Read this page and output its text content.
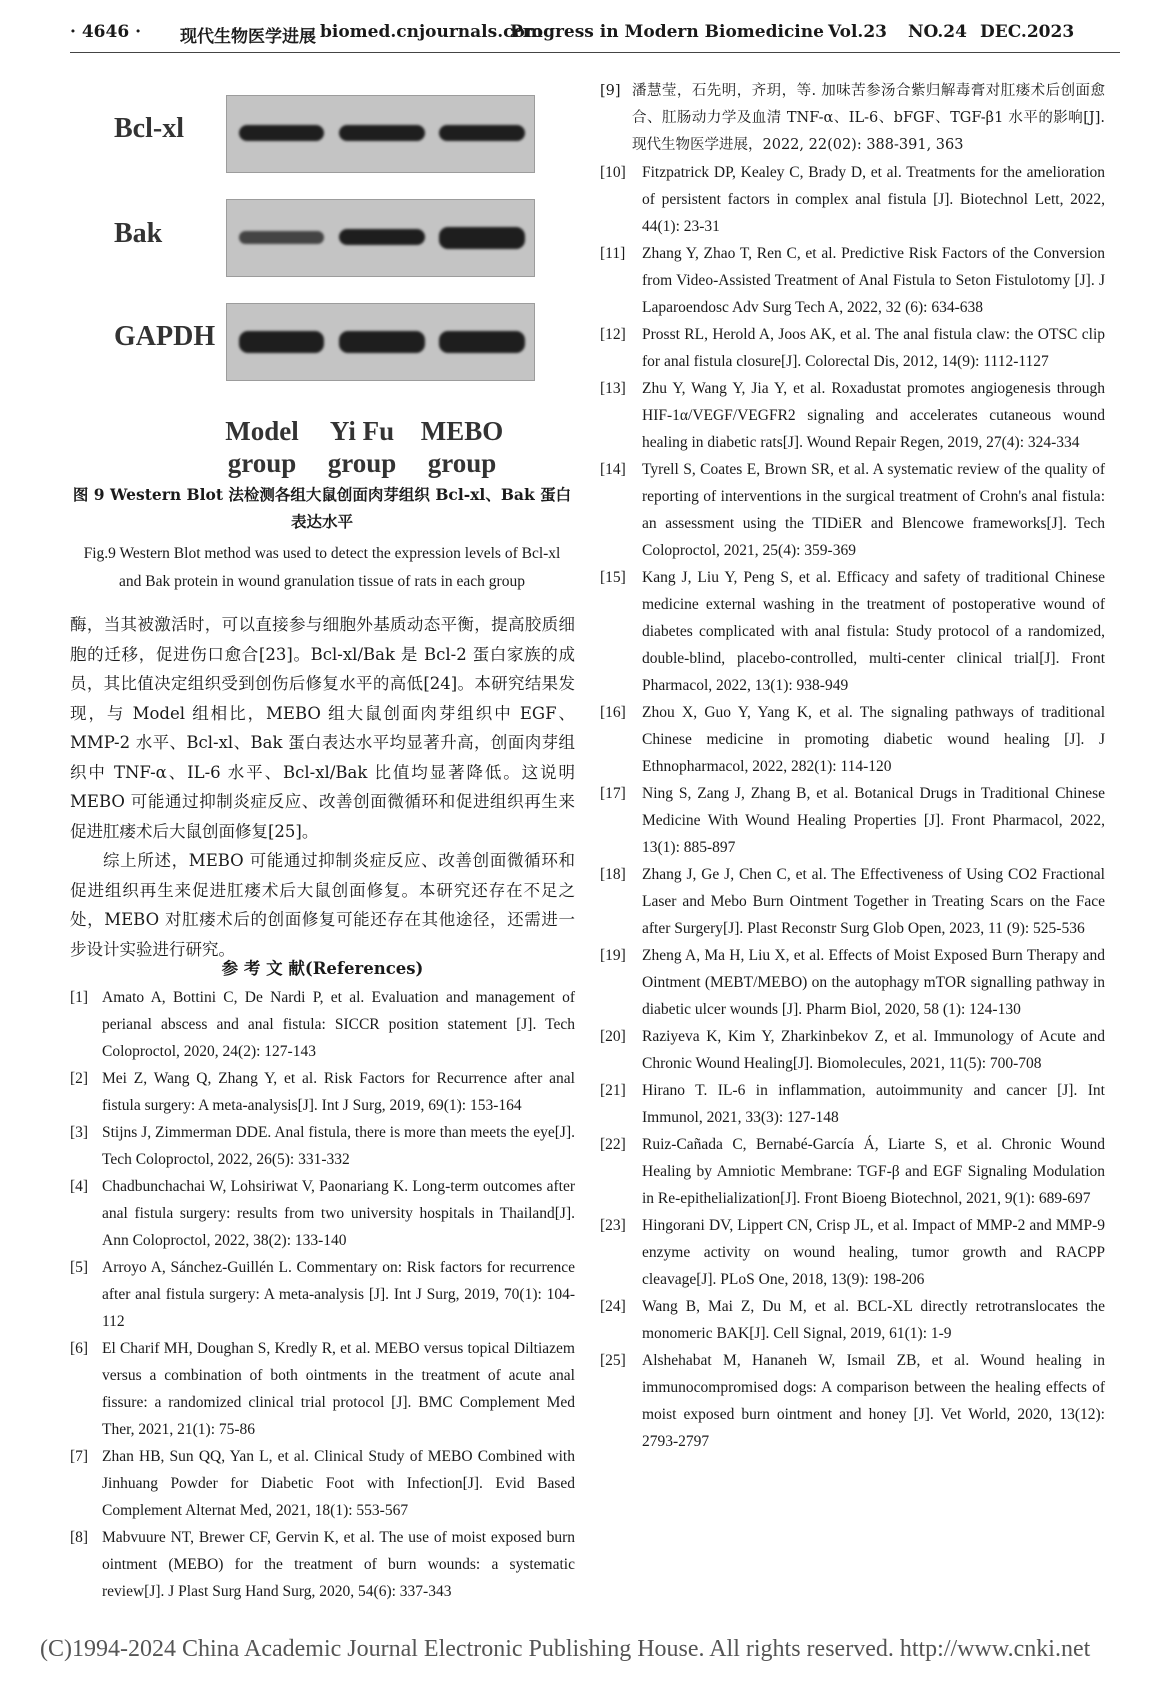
· 4646 · 现代生物医学进展 biomed.cnjournals.com
Progress in Modern Biomedicine Vol.23 NO.24 DEC.2023
Bcl-xl
Bak
GAPDH
Model
group
Yi Fu
group
MEBO
group
图 9 Western Blot 法检测各组大鼠创面肉芽组织 Bcl-xl、Bak 蛋白表达水平
Fig.9 Western Blot method was used to detect the expression levels of Bcl-xl and Bak protein in wound granulation tissue of rats in each group

酶，当其被激活时，可以直接参与细胞外基质动态平衡，提高胶质细胞的迁移，促进伤口愈合[23]。Bcl-xl/Bak 是 Bcl-2 蛋白家族的成员，其比值决定组织受到创伤后修复水平的高低[24]。本研究结果发现，与 Model 组相比，MEBO 组大鼠创面肉芽组织中 EGF、MMP-2 水平、Bcl-xl、Bak 蛋白表达水平均显著升高，创面肉芽组织中 TNF-α、IL-6 水平、Bcl-xl/Bak 比值均显著降低。这说明 MEBO 可能通过抑制炎症反应、改善创面微循环和促进组织再生来促进肛瘘术后大鼠创面修复[25]。

综上所述，MEBO 可能通过抑制炎症反应、改善创面微循环和促进组织再生来促进肛瘘术后大鼠创面修复。本研究还存在不足之处，MEBO 对肛瘘术后的创面修复可能还存在其他途径，还需进一步设计实验进行研究。

参 考 文 献(References)

[1] Amato A, Bottini C, De Nardi P, et al. Evaluation and management of perianal abscess and anal fistula: SICCR position statement [J]. Tech Coloproctol, 2020, 24(2): 127-143

[2] Mei Z, Wang Q, Zhang Y, et al. Risk Factors for Recurrence after anal fistula surgery: A meta-analysis[J]. Int J Surg, 2019, 69(1): 153-164

[3] Stijns J, Zimmerman DDE. Anal fistula, there is more than meets the eye[J]. Tech Coloproctol, 2022, 26(5): 331-332

[4] Chadbunchachai W, Lohsiriwat V, Paonariang K. Long-term outcomes after anal fistula surgery: results from two university hospitals in Thailand[J]. Ann Coloproctol, 2022, 38(2): 133-140

[5] Arroyo A, Sánchez-Guillén L. Commentary on: Risk factors for recurrence after anal fistula surgery: A meta-analysis [J]. Int J Surg, 2019, 70(1): 104-112

[6] El Charif MH, Doughan S, Kredly R, et al. MEBO versus topical Diltiazem versus a combination of both ointments in the treatment of acute anal fissure: a randomized clinical trial protocol [J]. BMC Complement Med Ther, 2021, 21(1): 75-86

[7] Zhan HB, Sun QQ, Yan L, et al. Clinical Study of MEBO Combined with Jinhuang Powder for Diabetic Foot with Infection[J]. Evid Based Complement Alternat Med, 2021, 18(1): 553-567

[8] Mabvuure NT, Brewer CF, Gervin K, et al. The use of moist exposed burn ointment (MEBO) for the treatment of burn wounds: a systematic review[J]. J Plast Surg Hand Surg, 2020, 54(6): 337-343

[9] 潘慧莹，石先明，齐玥，等. 加味苦参汤合紫归解毒膏对肛瘘术后创面愈合、肛肠动力学及血清 TNF-α、IL-6、bFGF、TGF-β1 水平的影响[J]. 现代生物医学进展，2022, 22(02): 388-391, 363

[10] Fitzpatrick DP, Kealey C, Brady D, et al. Treatments for the amelioration of persistent factors in complex anal fistula [J]. Biotechnol Lett, 2022, 44(1): 23-31

[11] Zhang Y, Zhao T, Ren C, et al. Predictive Risk Factors of the Conversion from Video-Assisted Treatment of Anal Fistula to Seton Fistulotomy [J]. J Laparoendosc Adv Surg Tech A, 2022, 32 (6): 634-638

[12] Prosst RL, Herold A, Joos AK, et al. The anal fistula claw: the OTSC clip for anal fistula closure[J]. Colorectal Dis, 2012, 14(9): 1112-1127

[13] Zhu Y, Wang Y, Jia Y, et al. Roxadustat promotes angiogenesis through HIF-1α/VEGF/VEGFR2 signaling and accelerates cutaneous wound healing in diabetic rats[J]. Wound Repair Regen, 2019, 27(4): 324-334

[14] Tyrell S, Coates E, Brown SR, et al. A systematic review of the quality of reporting of interventions in the surgical treatment of Crohn's anal fistula: an assessment using the TIDiER and Blencowe frameworks[J]. Tech Coloproctol, 2021, 25(4): 359-369

[15] Kang J, Liu Y, Peng S, et al. Efficacy and safety of traditional Chinese medicine external washing in the treatment of postoperative wound of diabetes complicated with anal fistula: Study protocol of a randomized, double-blind, placebo-controlled, multi-center clinical trial[J]. Front Pharmacol, 2022, 13(1): 938-949

[16] Zhou X, Guo Y, Yang K, et al. The signaling pathways of traditional Chinese medicine in promoting diabetic wound healing [J]. J Ethnopharmacol, 2022, 282(1): 114-120

[17] Ning S, Zang J, Zhang B, et al. Botanical Drugs in Traditional Chinese Medicine With Wound Healing Properties [J]. Front Pharmacol, 2022, 13(1): 885-897

[18] Zhang J, Ge J, Chen C, et al. The Effectiveness of Using CO2 Fractional Laser and Mebo Burn Ointment Together in Treating Scars on the Face after Surgery[J]. Plast Reconstr Surg Glob Open, 2023, 11 (9): 525-536

[19] Zheng A, Ma H, Liu X, et al. Effects of Moist Exposed Burn Therapy and Ointment (MEBT/MEBO) on the autophagy mTOR signalling pathway in diabetic ulcer wounds [J]. Pharm Biol, 2020, 58 (1): 124-130

[20] Raziyeva K, Kim Y, Zharkinbekov Z, et al. Immunology of Acute and Chronic Wound Healing[J]. Biomolecules, 2021, 11(5): 700-708

[21] Hirano T. IL-6 in inflammation, autoimmunity and cancer [J]. Int Immunol, 2021, 33(3): 127-148

[22] Ruiz-Cañada C, Bernabé-García Á, Liarte S, et al. Chronic Wound Healing by Amniotic Membrane: TGF-β and EGF Signaling Modulation in Re-epithelialization[J]. Front Bioeng Biotechnol, 2021, 9(1): 689-697

[23] Hingorani DV, Lippert CN, Crisp JL, et al. Impact of MMP-2 and MMP-9 enzyme activity on wound healing, tumor growth and RACPP cleavage[J]. PLoS One, 2018, 13(9): 198-206

[24] Wang B, Mai Z, Du M, et al. BCL-XL directly retrotranslocates the monomeric BAK[J]. Cell Signal, 2019, 61(1): 1-9

[25] Alshehabat M, Hananeh W, Ismail ZB, et al. Wound healing in immunocompromised dogs: A comparison between the healing effects of moist exposed burn ointment and honey [J]. Vet World, 2020, 13(12): 2793-2797

(C)1994-2024 China Academic Journal Electronic Publishing House. All rights reserved. http://www.cnki.net
